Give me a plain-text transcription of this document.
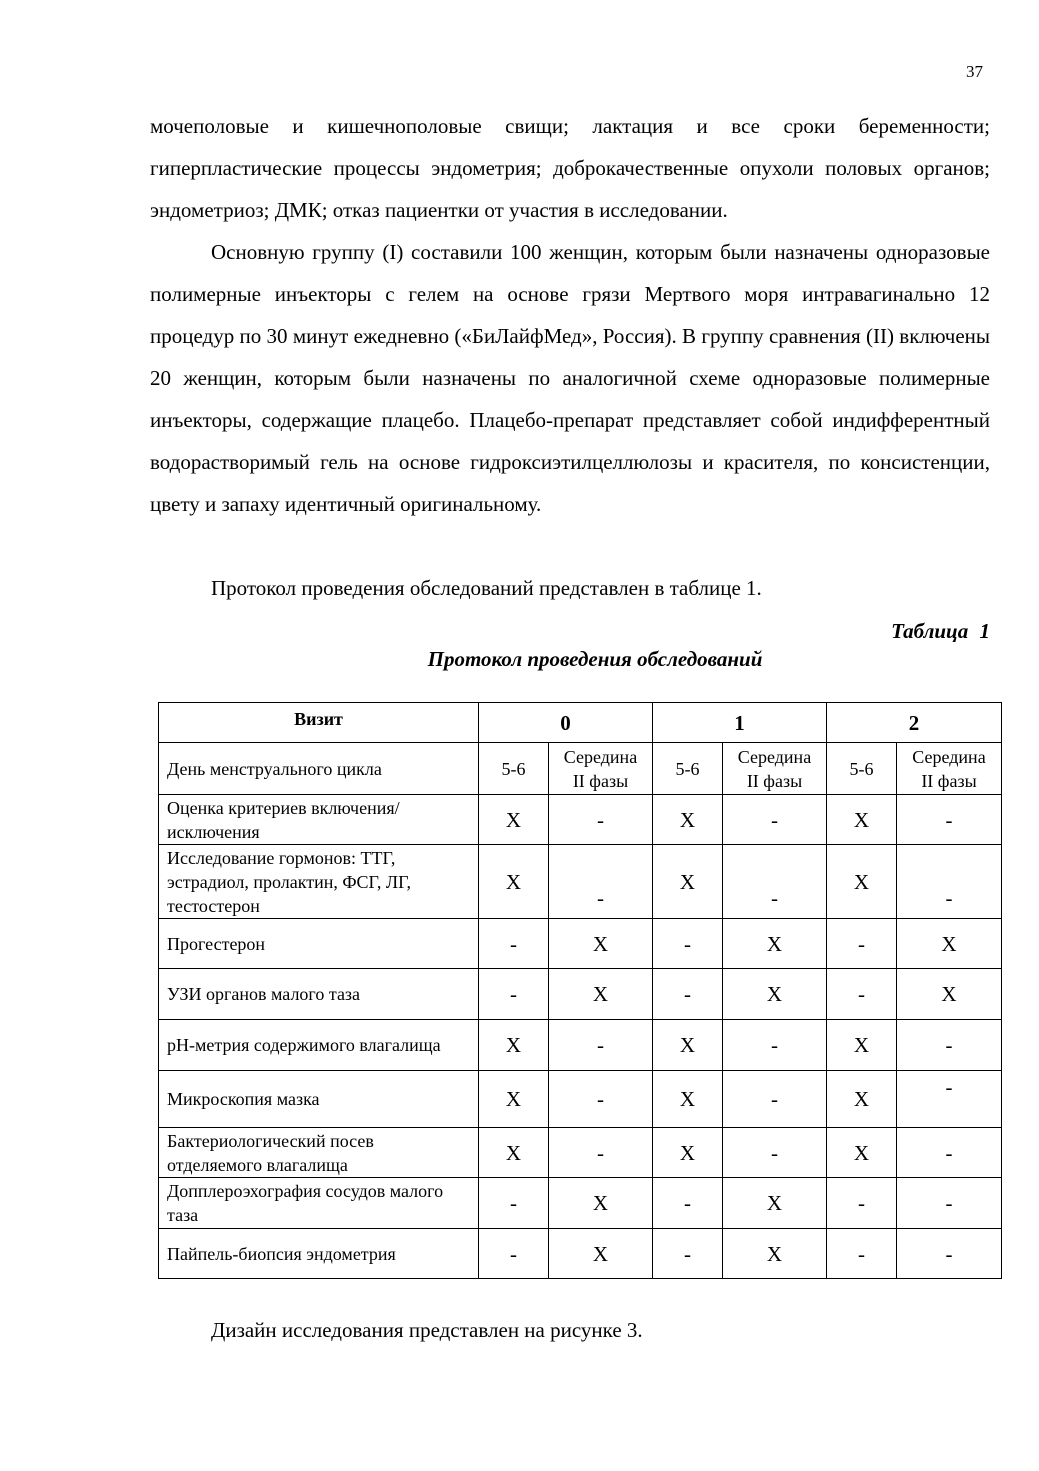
37

мочеполовые и кишечнополовые свищи; лактация и все сроки беременности; гиперпластические процессы эндометрия; доброкачественные опухоли половых органов; эндометриоз; ДМК; отказ пациентки от участия в исследовании.

Основную группу (I) составили 100 женщин, которым были назначены одноразовые полимерные инъекторы с гелем на основе грязи Мертвого моря интравагинально 12 процедур по 30 минут ежедневно («БиЛайфМед», Россия). В группу сравнения (II) включены 20 женщин, которым были назначены по аналогичной схеме одноразовые полимерные инъекторы, содержащие плацебо. Плацебо-препарат представляет собой индифферентный водорастворимый гель на основе гидроксиэтилцеллюлозы и красителя, по консистенции, цвету и запаху идентичный оригинальному.

Протокол проведения обследований представлен в таблице 1.

Таблица 1
Протокол проведения обследований
Визит	0		1		2	
День менструального цикла	5-6	Середина II фазы	5-6	Середина II фазы	5-6	Середина II фазы
Оценка критериев включения/исключения	Х	-	Х	-	Х	-
Исследование гормонов: ТТГ, эстрадиол, пролактин, ФСГ, ЛГ, тестостерон	Х	-	Х	-	Х	-
Прогестерон	-	Х	-	Х	-	Х
УЗИ органов малого таза	-	Х	-	Х	-	Х
pH-метрия содержимого влагалища	Х	-	Х	-	Х	-
Микроскопия мазка	Х	-	Х	-	Х	-
Бактериологический посев отделяемого влагалища	Х	-	Х	-	Х	-
Допплероэхография сосудов малого таза	-	Х	-	Х	-	-
Пайпель-биопсия эндометрия	-	Х	-	Х	-	-
Дизайн исследования представлен на рисунке 3.
